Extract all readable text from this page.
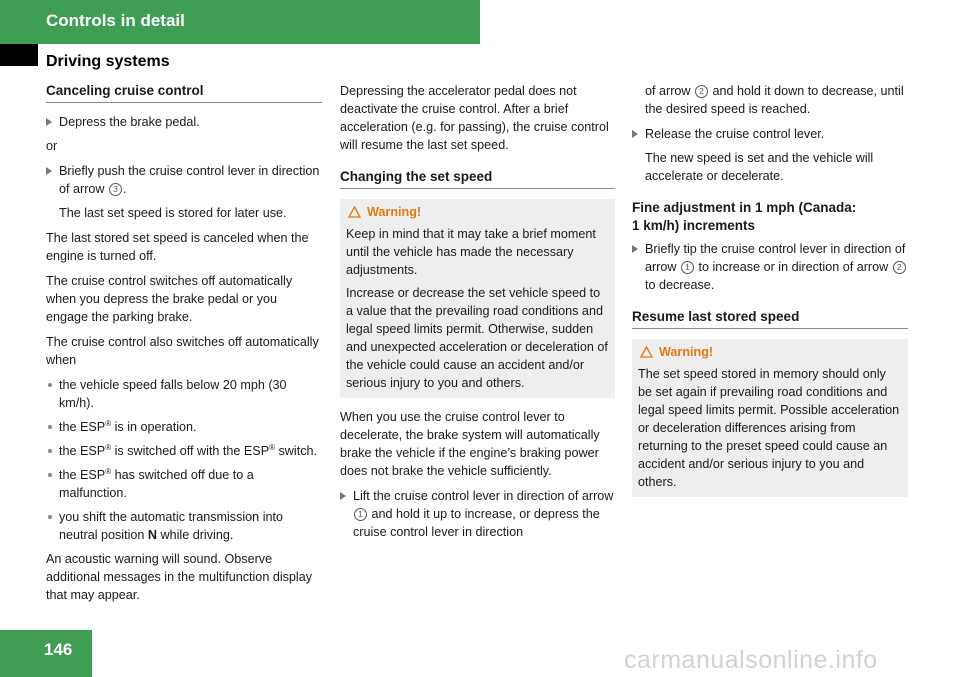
Controls in detail
Driving systems
Canceling cruise control
Depress the brake pedal.

or

Briefly push the cruise control lever in direction of arrow 3 .
The last set speed is stored for later use.

The last stored set speed is canceled when the engine is turned off.

The cruise control switches off automatically when you depress the brake pedal or you engage the parking brake.

The cruise control also switches off automatically when

the vehicle speed falls below 20 mph (30 km/h).
the ESP® is in operation.
the ESP® is switched off with the ESP® switch.
the ESP® has switched off due to a malfunction.
you shift the automatic transmission into neutral position N while driving.

An acoustic warning will sound. Observe additional messages in the multifunction display that may appear.

Depressing the accelerator pedal does not deactivate the cruise control. After a brief acceleration (e.g. for passing), the cruise control will resume the last set speed.

Changing the set speed
Warning!

Keep in mind that it may take a brief moment until the vehicle has made the necessary adjustments.

Increase or decrease the set vehicle speed to a value that the prevailing road conditions and legal speed limits permit. Otherwise, sudden and unexpected acceleration or deceleration of the vehicle could cause an accident and/or serious injury to you and others.

When you use the cruise control lever to decelerate, the brake system will automatically brake the vehicle if the engine’s braking power does not brake the vehicle sufficiently.

Lift the cruise control lever in direction of arrow 1 and hold it up to increase, or depress the cruise control lever in direction
of arrow 2 and hold it down to decrease, until the desired speed is reached.
Release the cruise control lever.
The new speed is set and the vehicle will accelerate or decelerate.
Fine adjustment in 1 mph (Canada:
1 km/h) increments
Briefly tip the cruise control lever in direction of arrow 1 to increase or in direction of arrow 2 to decrease.
Resume last stored speed
Warning!

The set speed stored in memory should only be set again if prevailing road conditions and legal speed limits permit. Possible acceleration or deceleration differences arising from returning to the preset speed could cause an accident and/or serious injury to you and others.

146	carmanualsonline.info
